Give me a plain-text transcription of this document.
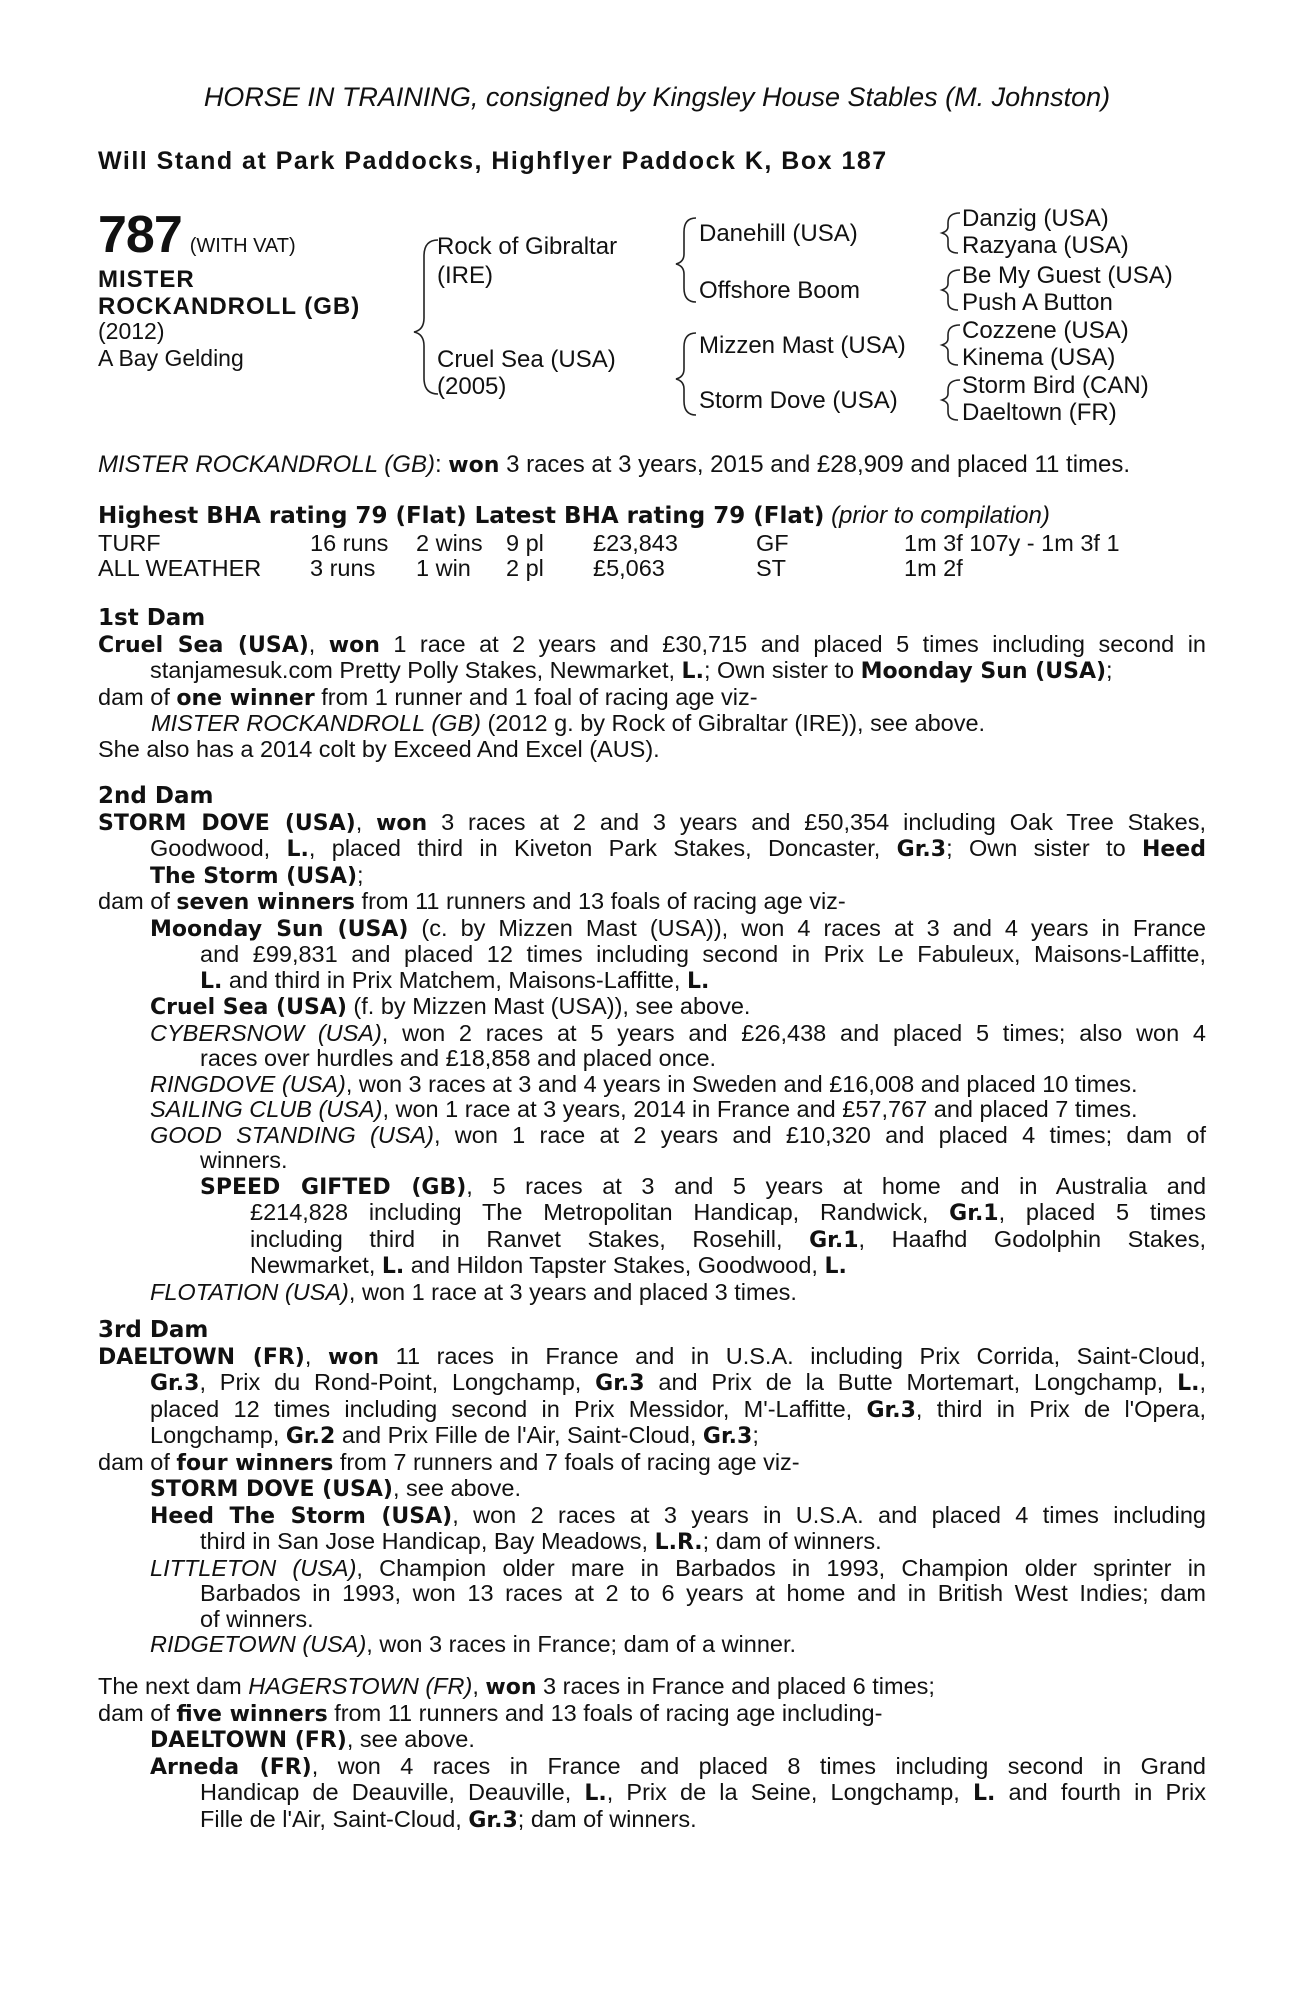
HORSE IN TRAINING, consigned by Kingsley House Stables (M. Johnston)
Will Stand at Park Paddocks, Highflyer Paddock K, Box 187
787 (WITH VAT)
MISTER
ROCKANDROLL (GB)
(2012)
A Bay Gelding
Rock of Gibraltar
(IRE)
Cruel Sea (USA)
(2005)
Danehill (USA)
Offshore Boom
Mizzen Mast (USA)
Storm Dove (USA)
Danzig (USA)
Razyana (USA)
Be My Guest (USA)
Push A Button
Cozzene (USA)
Kinema (USA)
Storm Bird (CAN)
Daeltown (FR)
MISTER ROCKANDROLL (GB): won 3 races at 3 years, 2015 and £28,909 and placed 11 times.
Highest BHA rating 79 (Flat) Latest BHA rating 79 (Flat) (prior to compilation)
TURF	16 runs 2 wins 9 pl £23,843	GF	1m 3f 107y - 1m 3f 1
ALL WEATHER 3 runs 1 win 2 pl £5,063	ST	1m 2f
1st Dam
Cruel Sea (USA), won 1 race at 2 years and £30,715 and placed 5 times including second in
stanjamesuk.com Pretty Polly Stakes, Newmarket, L.; Own sister to Moonday Sun (USA);
dam of one winner from 1 runner and 1 foal of racing age viz-
MISTER ROCKANDROLL (GB) (2012 g. by Rock of Gibraltar (IRE)), see above.
She also has a 2014 colt by Exceed And Excel (AUS).
2nd Dam
STORM DOVE (USA), won 3 races at 2 and 3 years and £50,354 including Oak Tree Stakes,
Goodwood, L., placed third in Kiveton Park Stakes, Doncaster, Gr.3; Own sister to Heed
The Storm (USA);
dam of seven winners from 11 runners and 13 foals of racing age viz-
Moonday Sun (USA) (c. by Mizzen Mast (USA)), won 4 races at 3 and 4 years in France
and £99,831 and placed 12 times including second in Prix Le Fabuleux, Maisons-Laffitte,
L. and third in Prix Matchem, Maisons-Laffitte, L.
Cruel Sea (USA) (f. by Mizzen Mast (USA)), see above.
CYBERSNOW (USA), won 2 races at 5 years and £26,438 and placed 5 times; also won 4
races over hurdles and £18,858 and placed once.
RINGDOVE (USA), won 3 races at 3 and 4 years in Sweden and £16,008 and placed 10 times.
SAILING CLUB (USA), won 1 race at 3 years, 2014 in France and £57,767 and placed 7 times.
GOOD STANDING (USA), won 1 race at 2 years and £10,320 and placed 4 times; dam of
winners.
SPEED GIFTED (GB), 5 races at 3 and 5 years at home and in Australia and
£214,828 including The Metropolitan Handicap, Randwick, Gr.1, placed 5 times
including third in Ranvet Stakes, Rosehill, Gr.1, Haafhd Godolphin Stakes,
Newmarket, L. and Hildon Tapster Stakes, Goodwood, L.
FLOTATION (USA), won 1 race at 3 years and placed 3 times.
3rd Dam
DAELTOWN (FR), won 11 races in France and in U.S.A. including Prix Corrida, Saint-Cloud,
Gr.3, Prix du Rond-Point, Longchamp, Gr.3 and Prix de la Butte Mortemart, Longchamp, L.,
placed 12 times including second in Prix Messidor, M'-Laffitte, Gr.3, third in Prix de l'Opera,
Longchamp, Gr.2 and Prix Fille de l'Air, Saint-Cloud, Gr.3;
dam of four winners from 7 runners and 7 foals of racing age viz-
STORM DOVE (USA), see above.
Heed The Storm (USA), won 2 races at 3 years in U.S.A. and placed 4 times including
third in San Jose Handicap, Bay Meadows, L.R.; dam of winners.
LITTLETON (USA), Champion older mare in Barbados in 1993, Champion older sprinter in
Barbados in 1993, won 13 races at 2 to 6 years at home and in British West Indies; dam
of winners.
RIDGETOWN (USA), won 3 races in France; dam of a winner.
The next dam HAGERSTOWN (FR), won 3 races in France and placed 6 times;
dam of five winners from 11 runners and 13 foals of racing age including-
DAELTOWN (FR), see above.
Arneda (FR), won 4 races in France and placed 8 times including second in Grand
Handicap de Deauville, Deauville, L., Prix de la Seine, Longchamp, L. and fourth in Prix
Fille de l'Air, Saint-Cloud, Gr.3; dam of winners.
